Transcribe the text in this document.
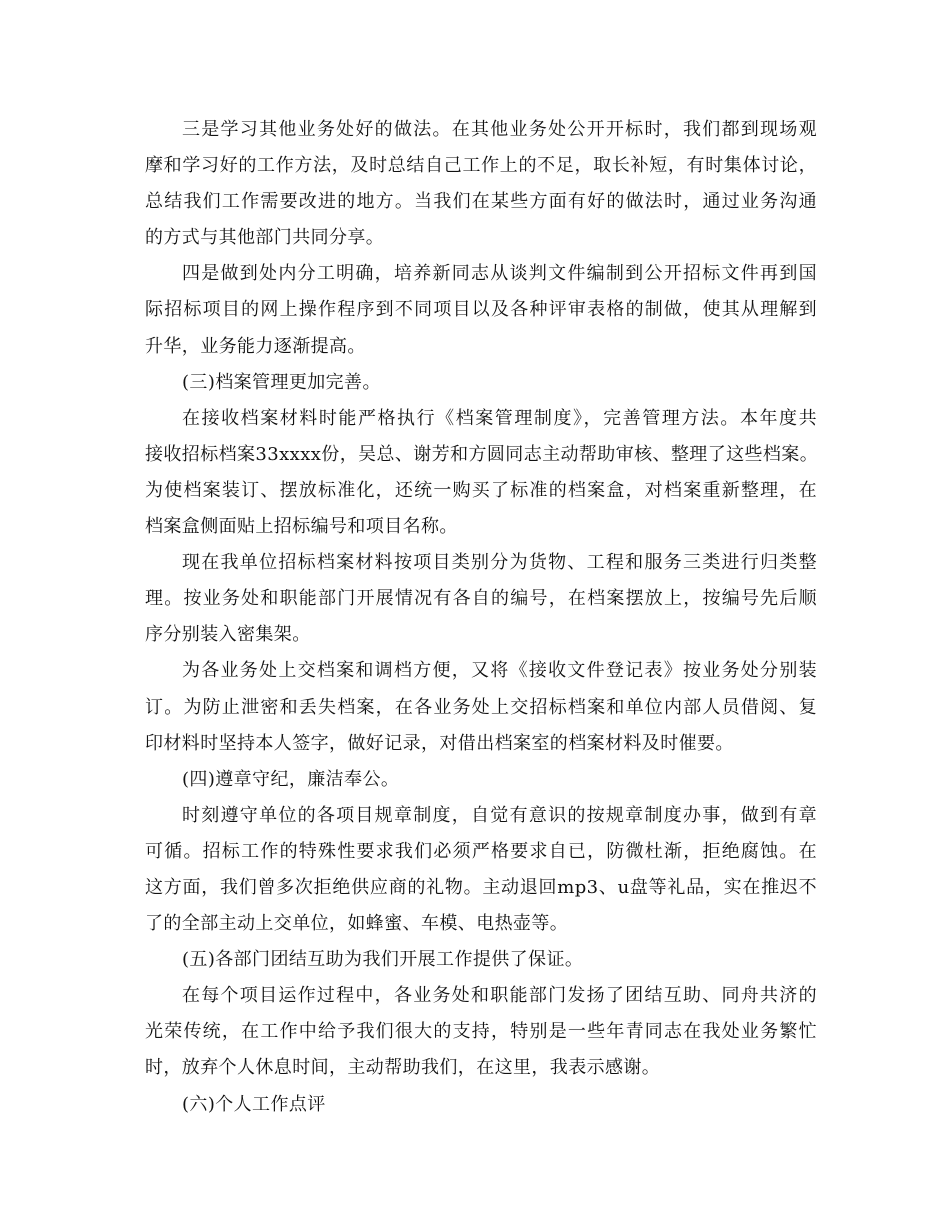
三是学习其他业务处好的做法。在其他业务处公开开标时，我们都到现场观
摩和学习好的工作方法，及时总结自己工作上的不足，取长补短，有时集体讨论，
总结我们工作需要改进的地方。当我们在某些方面有好的做法时，通过业务沟通
的方式与其他部门共同分享。
四是做到处内分工明确，培养新同志从谈判文件编制到公开招标文件再到国
际招标项目的网上操作程序到不同项目以及各种评审表格的制做，使其从理解到
升华，业务能力逐渐提高。
(三)档案管理更加完善。
在接收档案材料时能严格执行《档案管理制度》，完善管理方法。本年度共
接收招标档案33xxxx份，吴总、谢芳和方圆同志主动帮助审核、整理了这些档案。
为使档案装订、摆放标准化，还统一购买了标准的档案盒，对档案重新整理，在
档案盒侧面贴上招标编号和项目名称。
现在我单位招标档案材料按项目类别分为货物、工程和服务三类进行归类整
理。按业务处和职能部门开展情况有各自的编号，在档案摆放上，按编号先后顺
序分别装入密集架。
为各业务处上交档案和调档方便，又将《接收文件登记表》按业务处分别装
订。为防止泄密和丢失档案，在各业务处上交招标档案和单位内部人员借阅、复
印材料时坚持本人签字，做好记录，对借出档案室的档案材料及时催要。
(四)遵章守纪，廉洁奉公。
时刻遵守单位的各项目规章制度，自觉有意识的按规章制度办事，做到有章
可循。招标工作的特殊性要求我们必须严格要求自已，防微杜渐，拒绝腐蚀。在
这方面，我们曾多次拒绝供应商的礼物。主动退回mp3、u盘等礼品，实在推迟不
了的全部主动上交单位，如蜂蜜、车模、电热壶等。
(五)各部门团结互助为我们开展工作提供了保证。
在每个项目运作过程中，各业务处和职能部门发扬了团结互助、同舟共济的
光荣传统，在工作中给予我们很大的支持，特别是一些年青同志在我处业务繁忙
时，放弃个人休息时间，主动帮助我们，在这里，我表示感谢。
(六)个人工作点评
